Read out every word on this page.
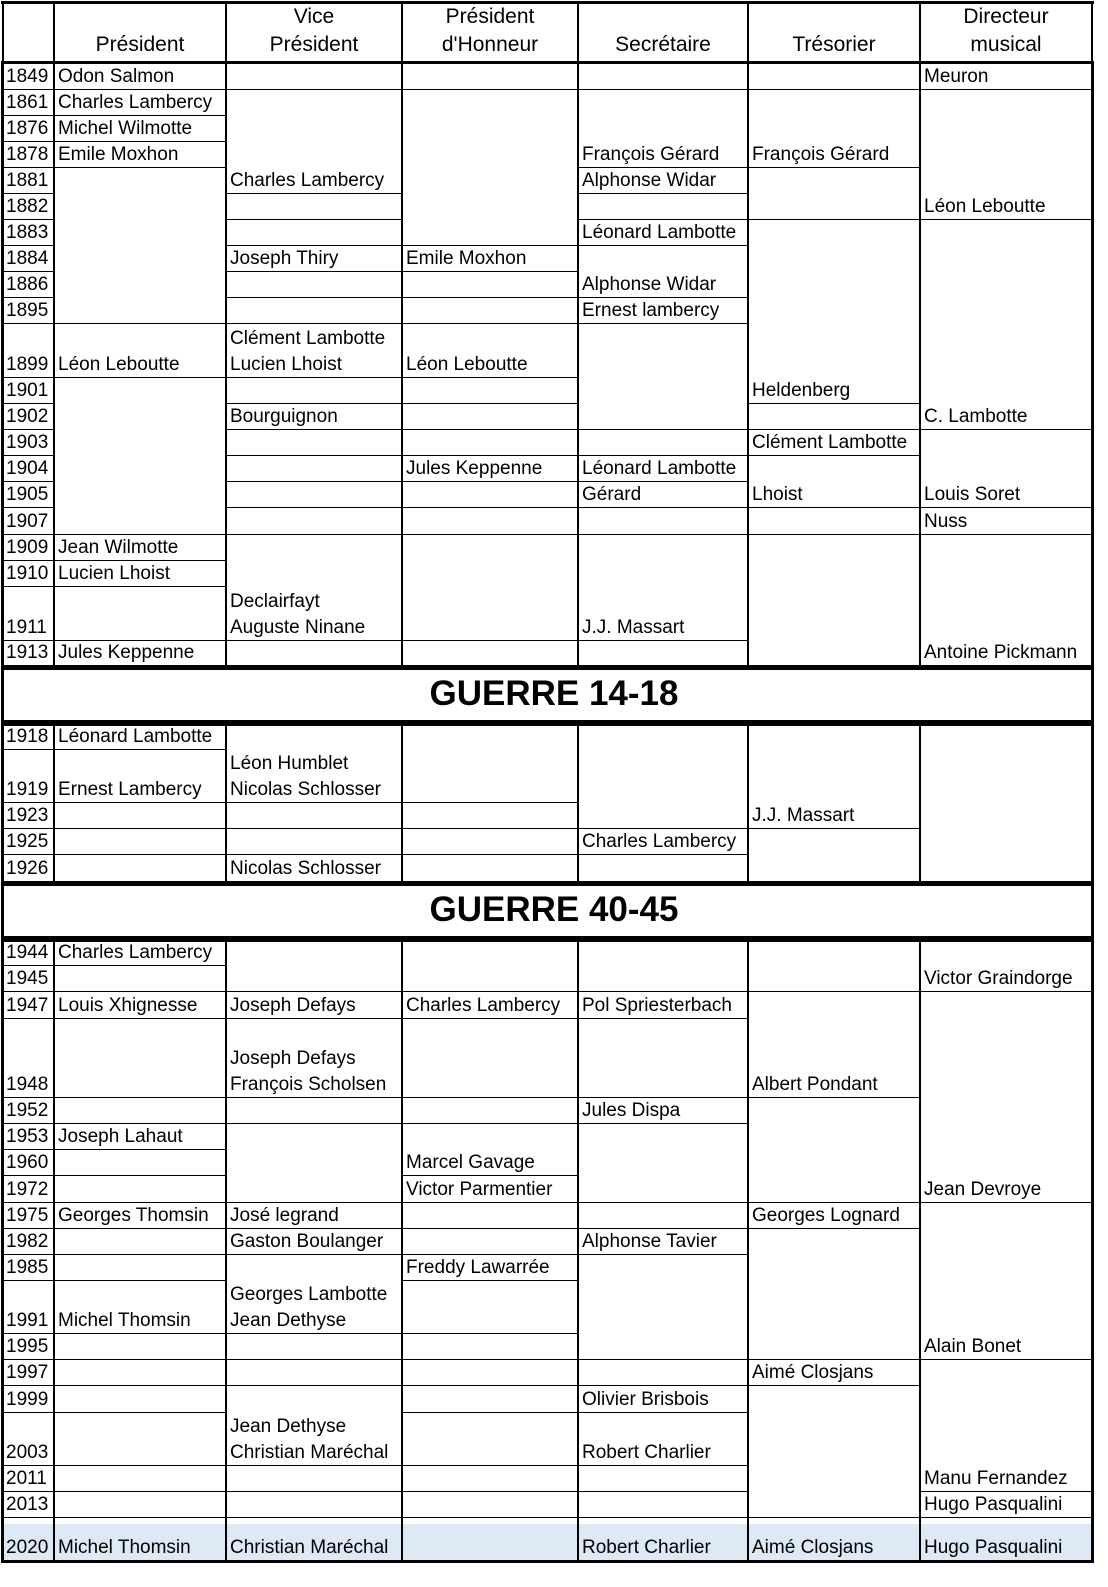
Président
Vice
Président
Président
d'Honneur	Secrétaire	Trésorier
Directeur
musical
GUERRE 14-18
GUERRE 40-45
1849
1861
1876
1878
1881
1882
1883
1884
1886
1895
1899
1901
1902
1903
1904
1905
1907
1909
1910
1911
1913
Odon Salmon
Charles Lambercy
Michel Wilmotte
Emile Moxhon
Léon Leboutte
Jean Wilmotte
Lucien Lhoist
Jules Keppenne
Charles Lambercy
Joseph Thiry
Clément Lambotte
Lucien Lhoist
Bourguignon
Declairfayt
Auguste Ninane
Emile Moxhon
Léon Leboutte
Jules Keppenne
François Gérard
Alphonse Widar
Léonard Lambotte
Alphonse Widar
Ernest lambercy
Léonard Lambotte
Gérard
J.J. Massart
François Gérard
Heldenberg
Clément Lambotte
Lhoist
Meuron
Léon Leboutte
C. Lambotte
Louis Soret
Nuss
Antoine Pickmann
1918
1919
1923
1925
1926
Léonard Lambotte
Ernest Lambercy
Léon Humblet
Nicolas Schlosser
Nicolas Schlosser
Charles Lambercy
J.J. Massart
1944
1945
1947
1948
1952
1953
1960
1972
1975
1982
1985
1991
1995
1997
1999
2003
2011
2013
2020
Charles Lambercy
Louis Xhignesse
Joseph Lahaut
Georges Thomsin
Michel Thomsin
Michel Thomsin
Joseph Defays
Joseph Defays
François Scholsen
José legrand
Gaston Boulanger
Georges Lambotte
Jean Dethyse
Jean Dethyse
Christian Maréchal
Christian Maréchal
Charles Lambercy
Marcel Gavage
Victor Parmentier
Freddy Lawarrée
Pol Spriesterbach
Jules Dispa
Alphonse Tavier
Olivier Brisbois
Robert Charlier
Robert Charlier
Albert Pondant
Georges Lognard
Aimé Closjans
Aimé Closjans
Victor Graindorge
Jean Devroye
Alain Bonet
Manu Fernandez
Hugo Pasqualini
Hugo Pasqualini
